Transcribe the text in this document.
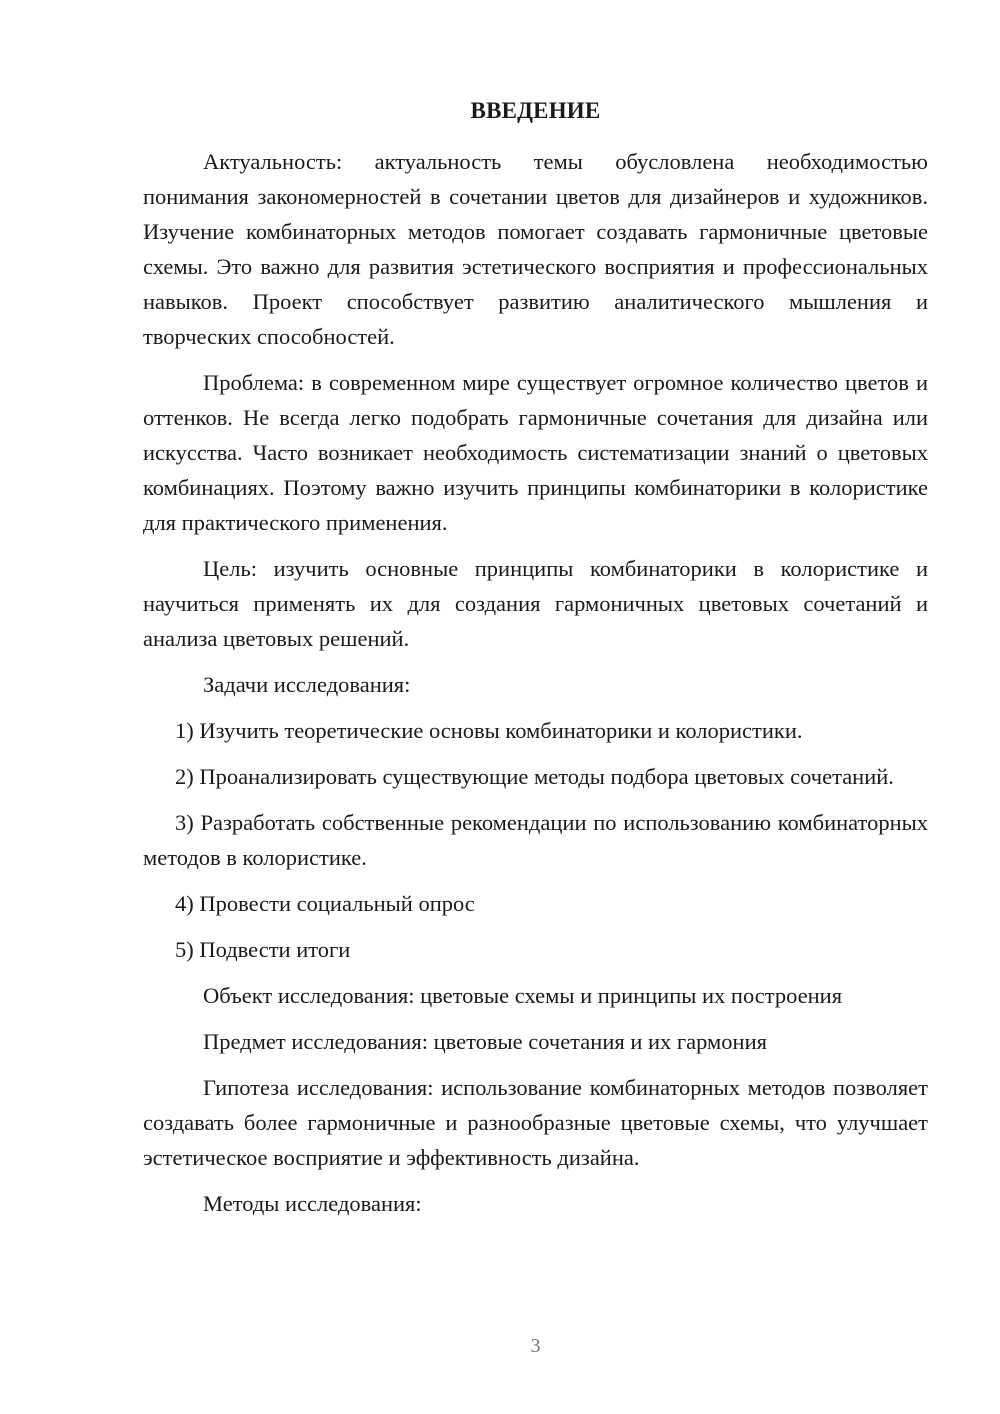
ВВЕДЕНИЕ

Актуальность: актуальность темы обусловлена необходимостью понимания закономерностей в сочетании цветов для дизайнеров и художников. Изучение комбинаторных методов помогает создавать гармоничные цветовые схемы. Это важно для развития эстетического восприятия и профессиональных навыков. Проект способствует развитию аналитического мышления и творческих способностей.

Проблема: в современном мире существует огромное количество цветов и оттенков. Не всегда легко подобрать гармоничные сочетания для дизайна или искусства. Часто возникает необходимость систематизации знаний о цветовых комбинациях. Поэтому важно изучить принципы комбинаторики в колористике для практического применения.

Цель: изучить основные принципы комбинаторики в колористике и научиться применять их для создания гармоничных цветовых сочетаний и анализа цветовых решений.

Задачи исследования:

1) Изучить теоретические основы комбинаторики и колористики.

2) Проанализировать существующие методы подбора цветовых сочетаний.

3) Разработать собственные рекомендации по использованию комбинаторных методов в колористике.

4) Провести социальный опрос

5) Подвести итоги

Объект исследования: цветовые схемы и принципы их построения

Предмет исследования: цветовые сочетания и их гармония

Гипотеза исследования: использование комбинаторных методов позволяет создавать более гармоничные и разнообразные цветовые схемы, что улучшает эстетическое восприятие и эффективность дизайна.

Методы исследования:

3
